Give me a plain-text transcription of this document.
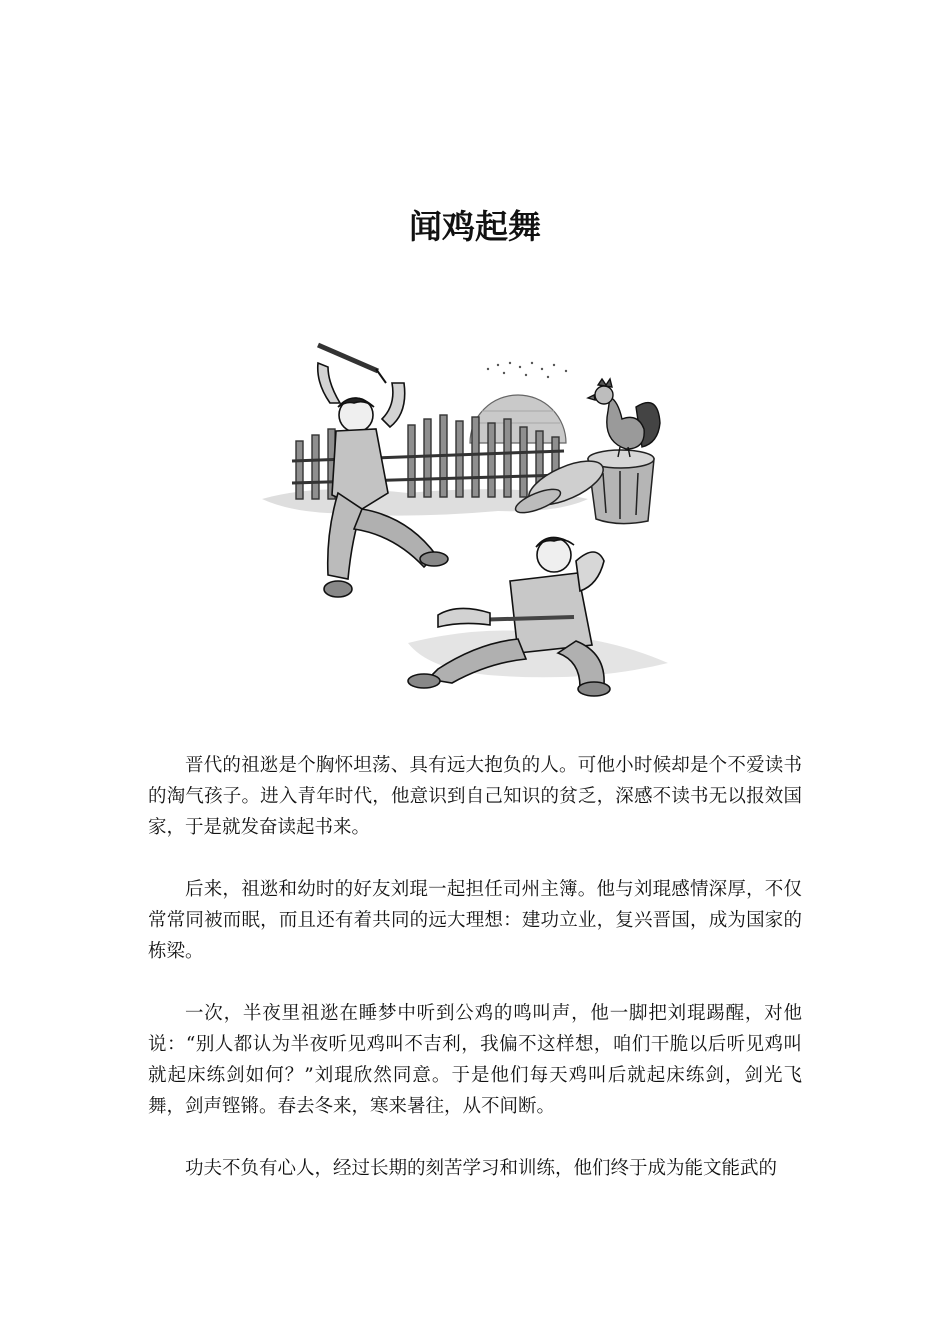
闻鸡起舞

晋代的祖逖是个胸怀坦荡、具有远大抱负的人。可他小时候却是个不爱读书的淘气孩子。进入青年时代，他意识到自己知识的贫乏，深感不读书无以报效国家，于是就发奋读起书来。

后来，祖逖和幼时的好友刘琨一起担任司州主簿。他与刘琨感情深厚，不仅常常同被而眠，而且还有着共同的远大理想：建功立业，复兴晋国，成为国家的栋梁。

一次，半夜里祖逖在睡梦中听到公鸡的鸣叫声，他一脚把刘琨踢醒，对他说：“别人都认为半夜听见鸡叫不吉利，我偏不这样想，咱们干脆以后听见鸡叫就起床练剑如何？”刘琨欣然同意。于是他们每天鸡叫后就起床练剑，剑光飞舞，剑声铿锵。春去冬来，寒来暑往，从不间断。

功夫不负有心人，经过长期的刻苦学习和训练，他们终于成为能文能武的
